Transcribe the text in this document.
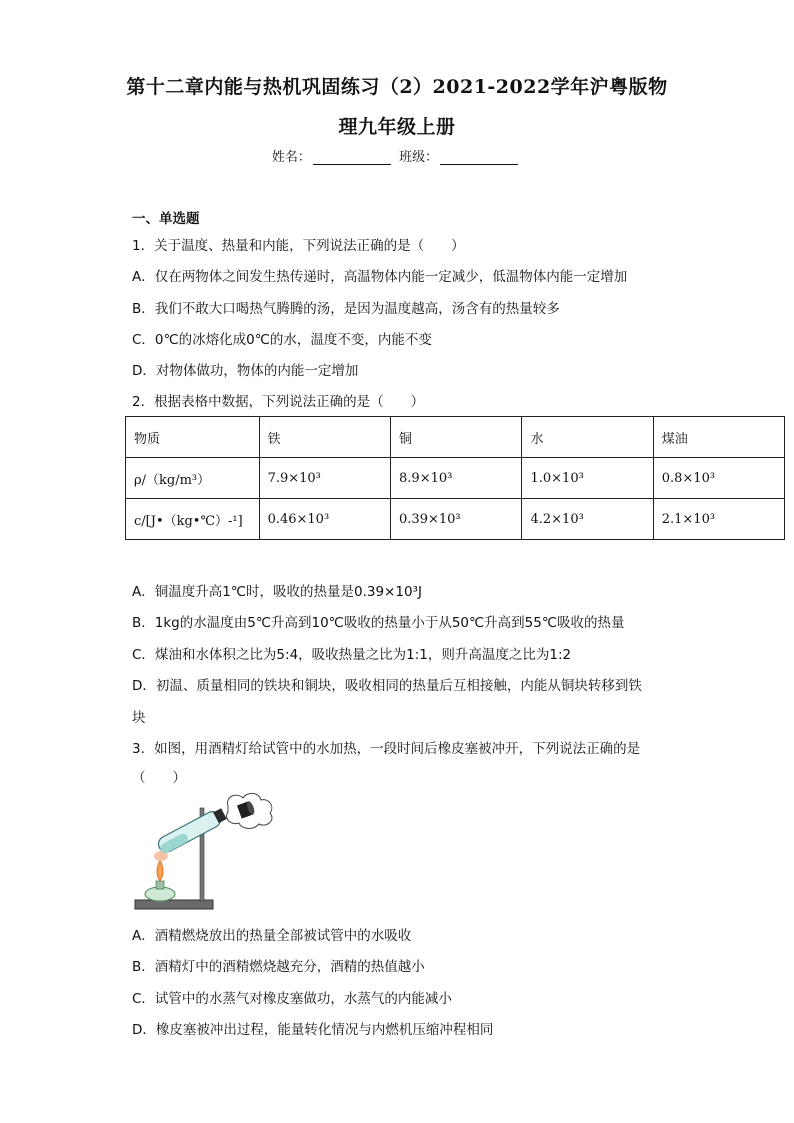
第十二章内能与热机巩固练习（2）2021-2022学年沪粤版物
理九年级上册
姓名：	班级：
一、单选题
1．关于温度、热量和内能，下列说法正确的是（　　）
A．仅在两物体之间发生热传递时，高温物体内能一定减少，低温物体内能一定增加
B．我们不敢大口喝热气腾腾的汤，是因为温度越高，汤含有的热量较多
C．0℃的冰熔化成0℃的水，温度不变，内能不变
D．对物体做功，物体的内能一定增加
2．根据表格中数据，下列说法正确的是（　　）
物质	铁	铜	水	煤油
ρ/（kg/m³）	7.9×10³	8.9×10³	1.0×10³	0.8×10³
c/[J•（kg•℃）-¹]	0.46×10³	0.39×10³	4.2×10³	2.1×10³
A．铜温度升高1℃时，吸收的热量是0.39×10³J
B．1kg的水温度由5℃升高到10℃吸收的热量小于从50℃升高到55℃吸收的热量
C．煤油和水体积之比为5:4，吸收热量之比为1:1，则升高温度之比为1:2
D．初温、质量相同的铁块和铜块，吸收相同的热量后互相接触，内能从铜块转移到铁
块
3．如图，用酒精灯给试管中的水加热，一段时间后橡皮塞被冲开，下列说法正确的是
（　　）
A．酒精燃烧放出的热量全部被试管中的水吸收
B．酒精灯中的酒精燃烧越充分，酒精的热值越小
C．试管中的水蒸气对橡皮塞做功，水蒸气的内能减小
D．橡皮塞被冲出过程，能量转化情况与内燃机压缩冲程相同
